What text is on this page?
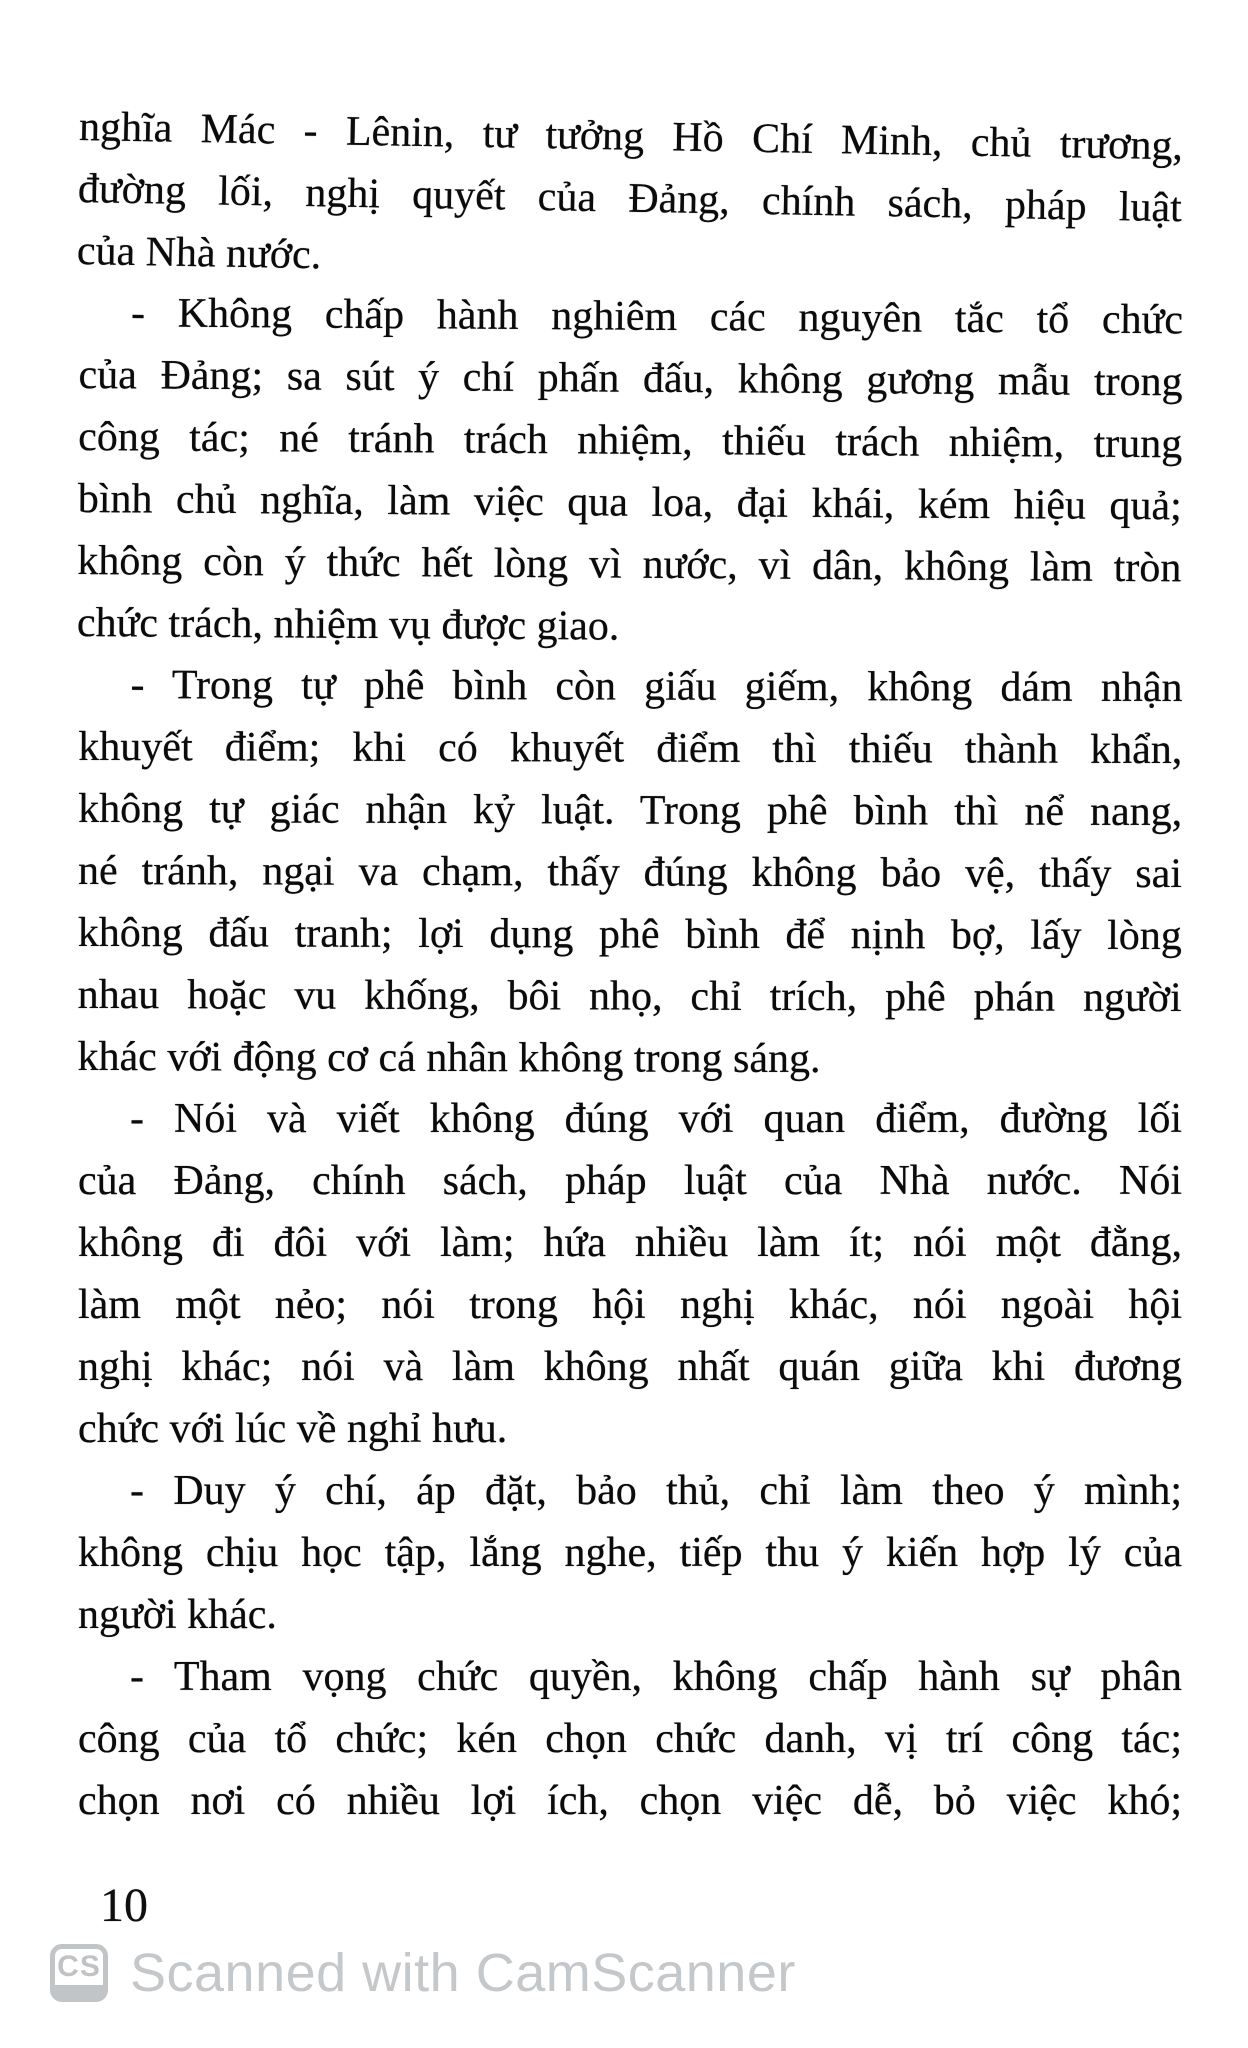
nghĩa Mác - Lênin, tư tưởng Hồ Chí Minh, chủ trương,
đường lối, nghị quyết của Đảng, chính sách, pháp luật
của Nhà nước.

- Không chấp hành nghiêm các nguyên tắc tổ chức
của Đảng; sa sút ý chí phấn đấu, không gương mẫu trong
công tác; né tránh trách nhiệm, thiếu trách nhiệm, trung
bình chủ nghĩa, làm việc qua loa, đại khái, kém hiệu quả;
không còn ý thức hết lòng vì nước, vì dân, không làm tròn
chức trách, nhiệm vụ được giao.

- Trong tự phê bình còn giấu giếm, không dám nhận
khuyết điểm; khi có khuyết điểm thì thiếu thành khẩn,
không tự giác nhận kỷ luật. Trong phê bình thì nể nang,
né tránh, ngại va chạm, thấy đúng không bảo vệ, thấy sai
không đấu tranh; lợi dụng phê bình để nịnh bợ, lấy lòng
nhau hoặc vu khống, bôi nhọ, chỉ trích, phê phán người
khác với động cơ cá nhân không trong sáng.

- Nói và viết không đúng với quan điểm, đường lối
của Đảng, chính sách, pháp luật của Nhà nước. Nói
không đi đôi với làm; hứa nhiều làm ít; nói một đằng,
làm một nẻo; nói trong hội nghị khác, nói ngoài hội
nghị khác; nói và làm không nhất quán giữa khi đương
chức với lúc về nghỉ hưu.

- Duy ý chí, áp đặt, bảo thủ, chỉ làm theo ý mình;
không chịu học tập, lắng nghe, tiếp thu ý kiến hợp lý của
người khác.

- Tham vọng chức quyền, không chấp hành sự phân
công của tổ chức; kén chọn chức danh, vị trí công tác;
chọn nơi có nhiều lợi ích, chọn việc dễ, bỏ việc khó;

10
CS Scanned with CamScanner
